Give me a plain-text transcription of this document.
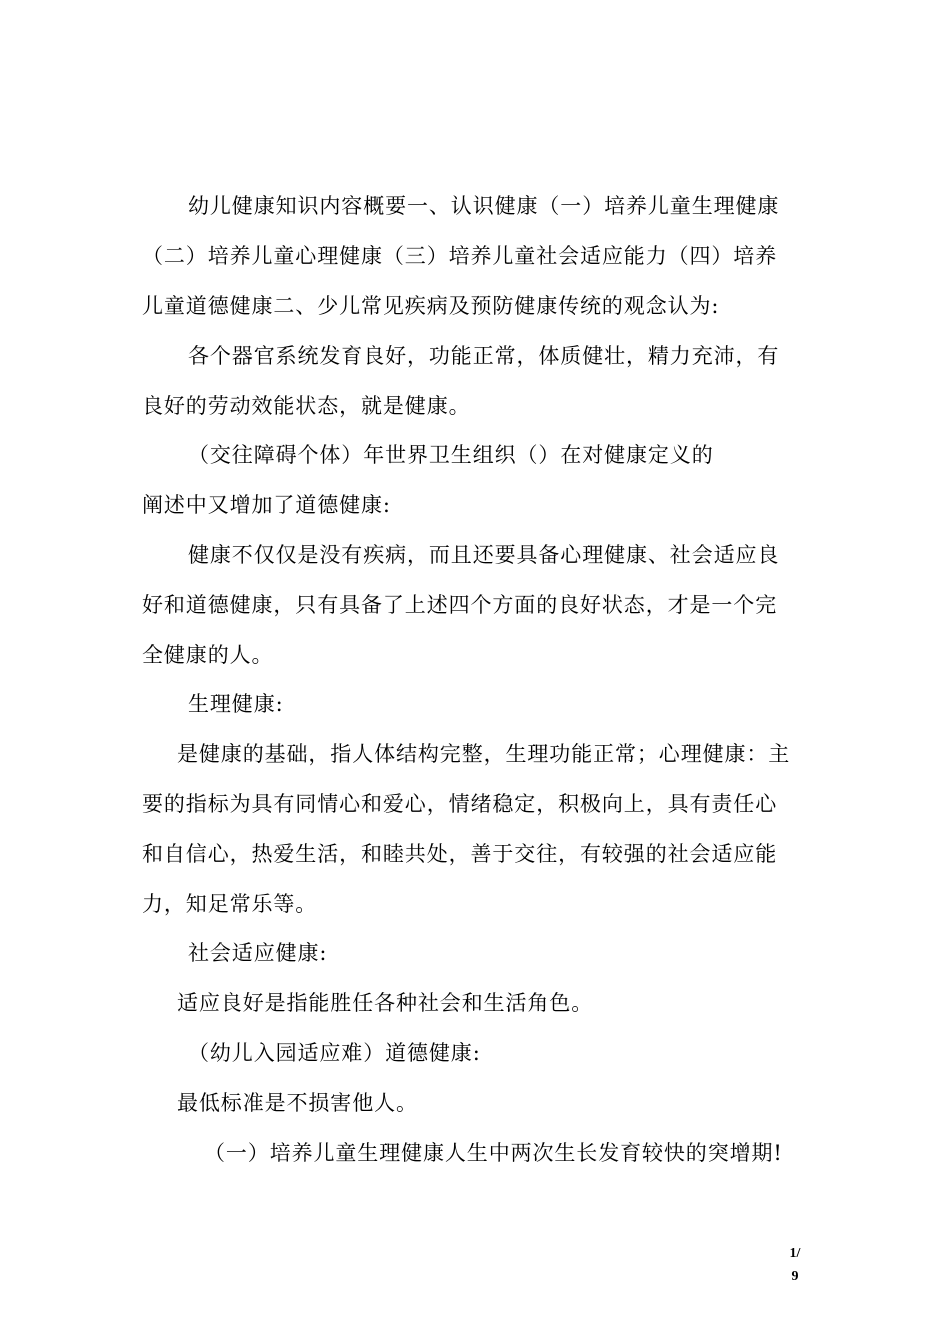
幼儿健康知识内容概要一、认识健康（一）培养儿童生理健康
（二）培养儿童心理健康（三）培养儿童社会适应能力（四）培养
儿童道德健康二、少儿常见疾病及预防健康传统的观念认为:
各个器官系统发育良好，功能正常，体质健壮，精力充沛，有
良好的劳动效能状态，就是健康。
（交往障碍个体）年世界卫生组织（）在对健康定义的
阐述中又增加了道德健康:
健康不仅仅是没有疾病，而且还要具备心理健康、社会适应良
好和道德健康，只有具备了上述四个方面的良好状态，才是一个完
全健康的人。
生理健康:
是健康的基础，指人体结构完整，生理功能正常；心理健康：主
要的指标为具有同情心和爱心，情绪稳定，积极向上，具有责任心
和自信心，热爱生活，和睦共处，善于交往，有较强的社会适应能
力，知足常乐等。
社会适应健康:
适应良好是指能胜任各种社会和生活角色。
（幼儿入园适应难）道德健康:
最低标准是不损害他人。
（一）培养儿童生理健康人生中两次生长发育较快的突增期!
1/
9
